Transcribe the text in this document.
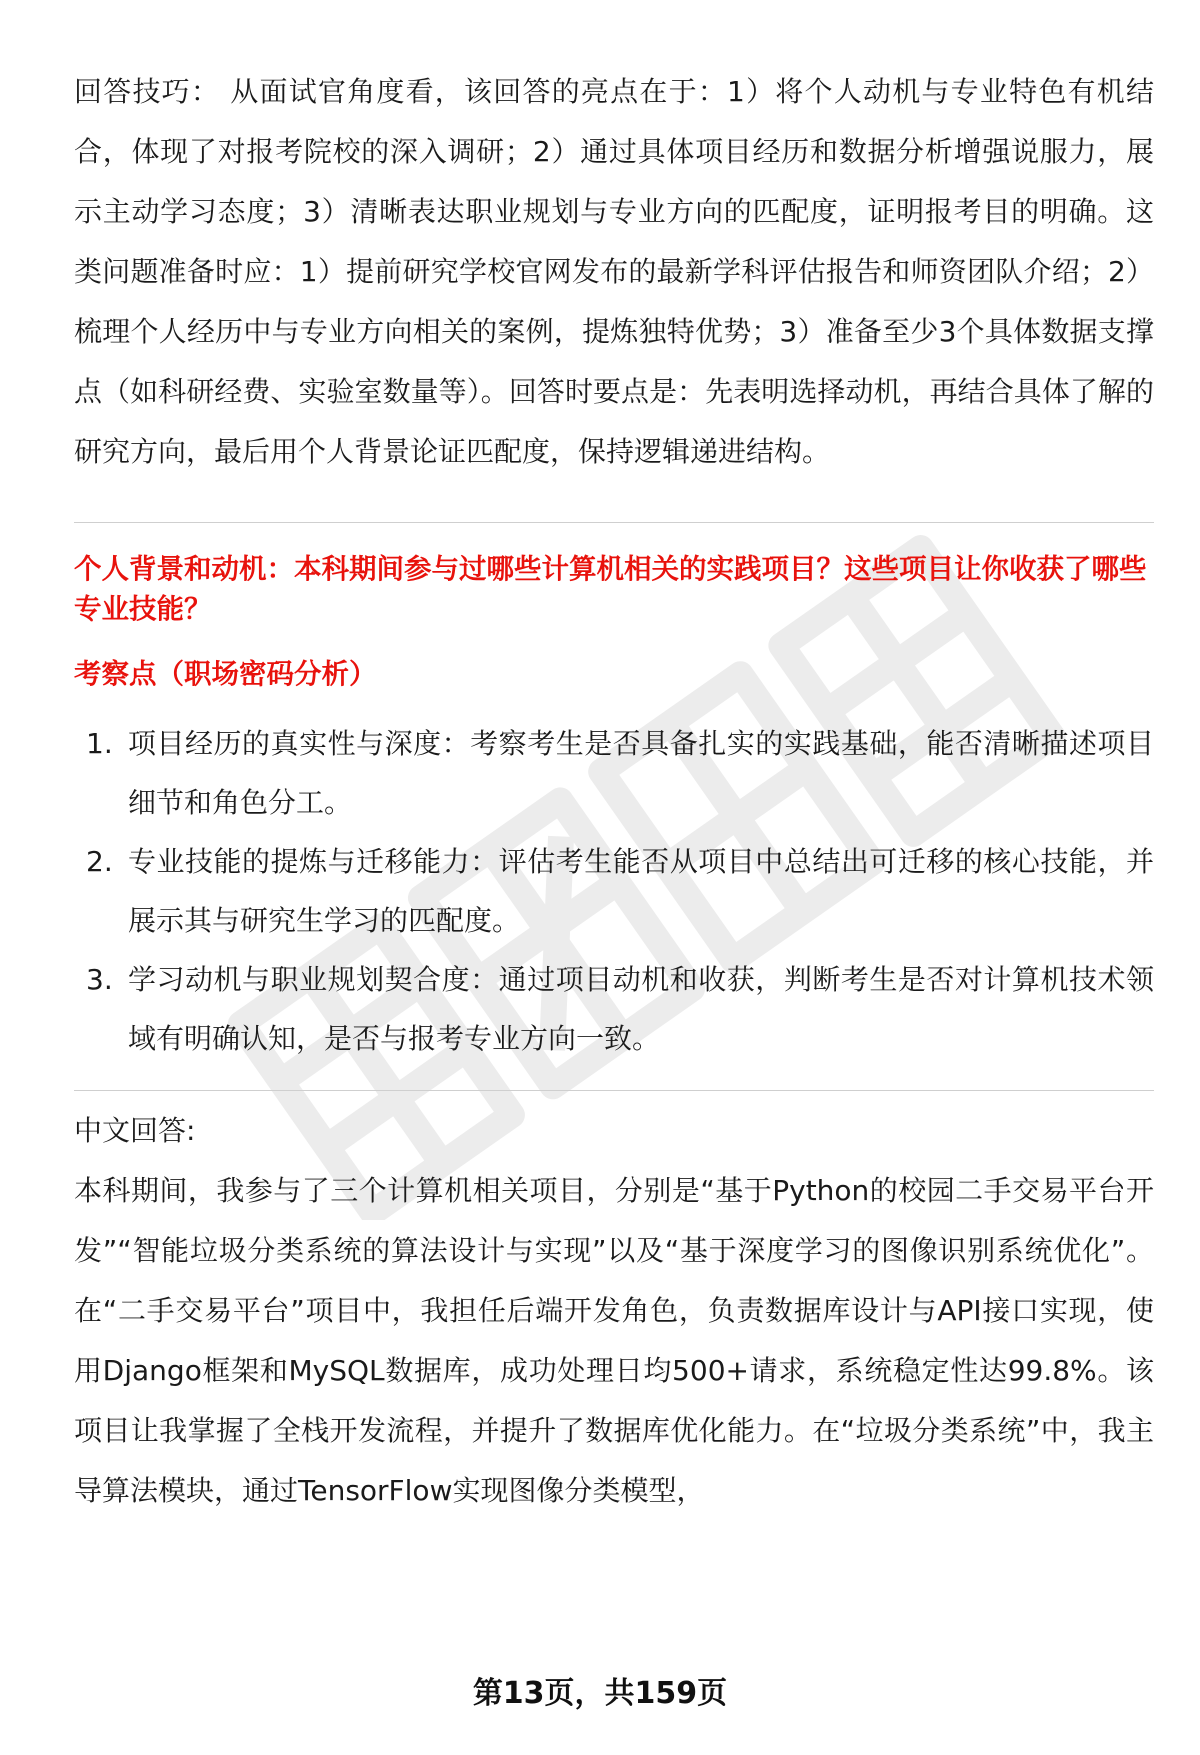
回答技巧： 从面试官角度看，该回答的亮点在于：1）将个人动机与专业特色有机结合，体现了对报考院校的深入调研；2）通过具体项目经历和数据分析增强说服力，展示主动学习态度；3）清晰表达职业规划与专业方向的匹配度，证明报考目的明确。这类问题准备时应：1）提前研究学校官网发布的最新学科评估报告和师资团队介绍；2）梳理个人经历中与专业方向相关的案例，提炼独特优势；3）准备至少3个具体数据支撑点（如科研经费、实验室数量等）。回答时要点是：先表明选择动机，再结合具体了解的研究方向，最后用个人背景论证匹配度，保持逻辑递进结构。

个人背景和动机：本科期间参与过哪些计算机相关的实践项目？这些项目让你收获了哪些专业技能？

考察点（职场密码分析）

1. 项目经历的真实性与深度：考察考生是否具备扎实的实践基础，能否清晰描述项目细节和角色分工。
2. 专业技能的提炼与迁移能力：评估考生能否从项目中总结出可迁移的核心技能，并展示其与研究生学习的匹配度。
3. 学习动机与职业规划契合度：通过项目动机和收获，判断考生是否对计算机技术领域有明确认知，是否与报考专业方向一致。

中文回答:

本科期间，我参与了三个计算机相关项目，分别是“基于Python的校园二手交易平台开发”“智能垃圾分类系统的算法设计与实现”以及“基于深度学习的图像识别系统优化”。在“二手交易平台”项目中，我担任后端开发角色，负责数据库设计与API接口实现，使用Django框架和MySQL数据库，成功处理日均500+请求，系统稳定性达99.8%。该项目让我掌握了全栈开发流程，并提升了数据库优化能力。在“垃圾分类系统”中，我主导算法模块，通过TensorFlow实现图像分类模型，

第13页，共159页
